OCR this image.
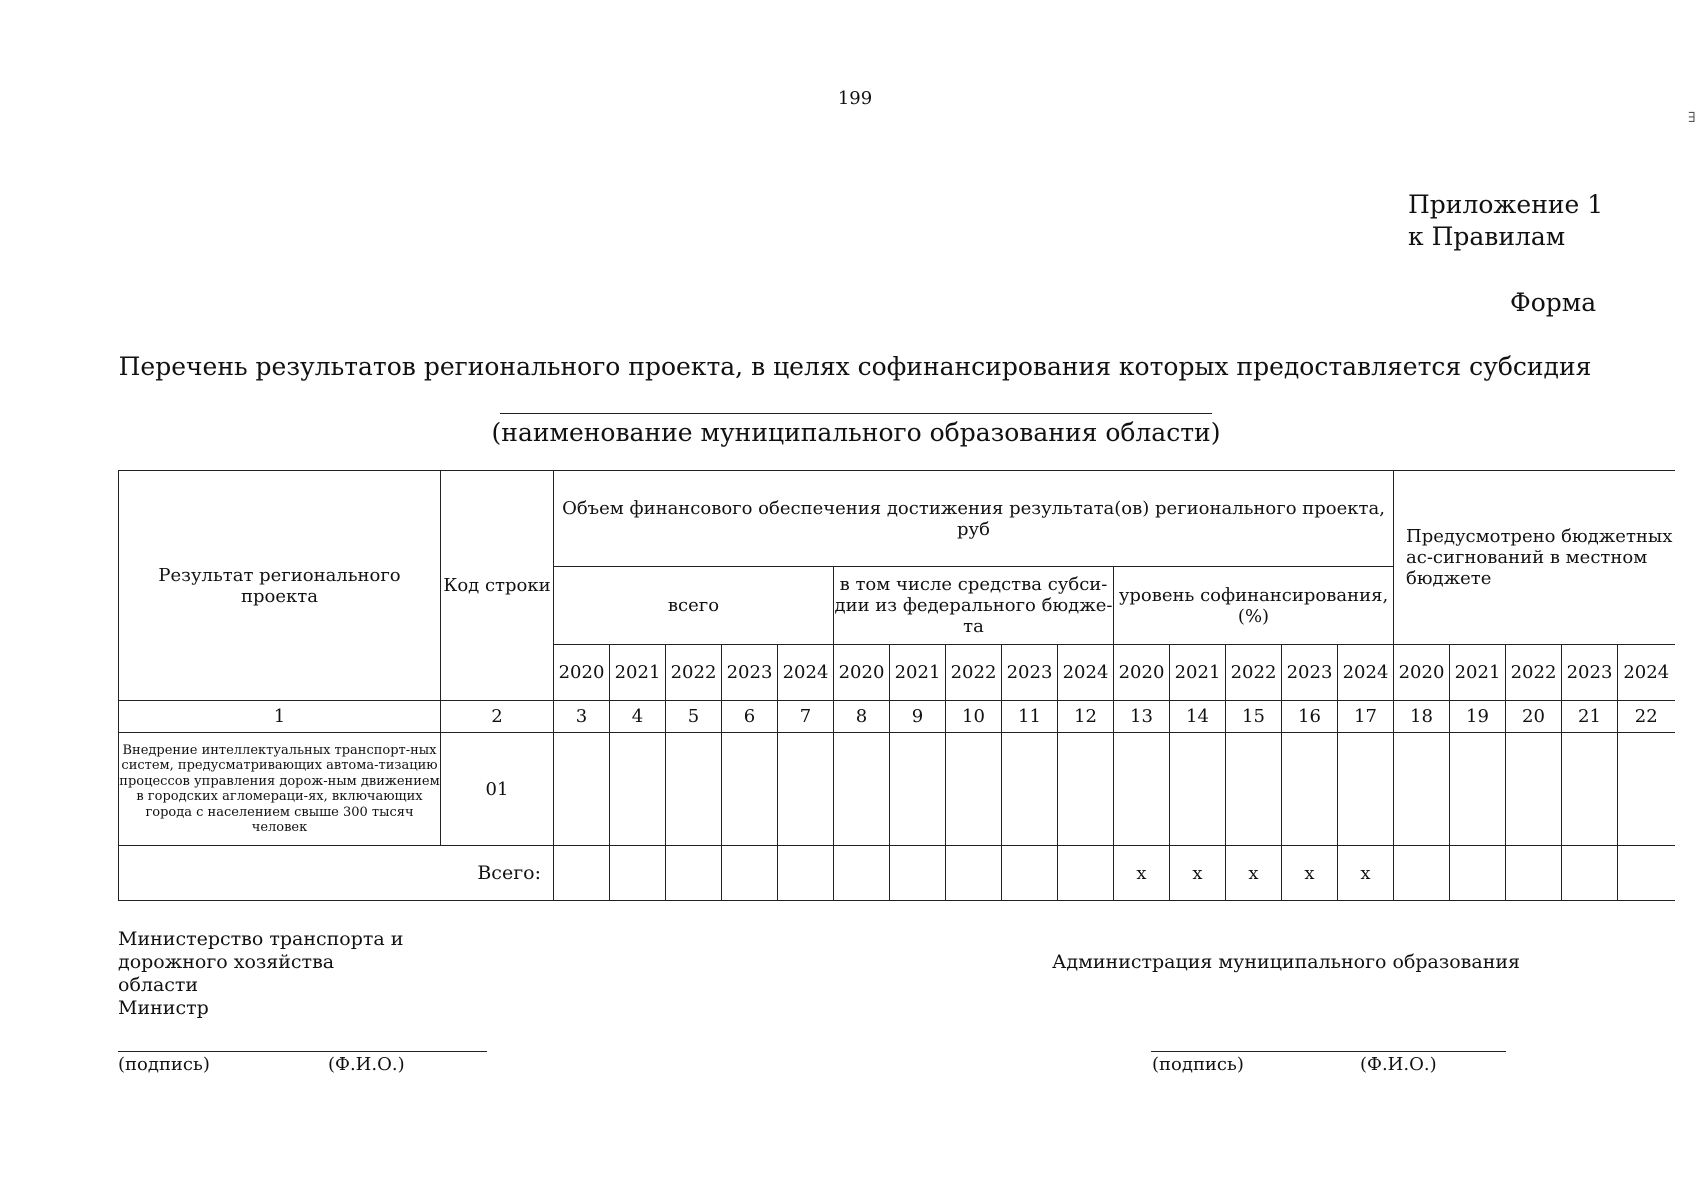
199
∃
Приложение 1
к Правилам
Форма
Перечень результатов регионального проекта, в целях софинансирования которых предоставляется субсидия
(наименование муниципального образования области)
Результат регионального проекта	Код строки	Объем финансового обеспечения достижения результата(ов) регионального проекта, руб															Предусмотрено бюджетных ас-сигнований в местном бюджете				
		всего					в том числе средства субси-дии из федерального бюдже-та					уровень софинансирования, (%)									
		2020	2021	2022	2023	2024	2020	2021	2022	2023	2024	2020	2021	2022	2023	2024	2020	2021	2022	2023	2024
1	2	3	4	5	6	7	8	9	10	11	12	13	14	15	16	17	18	19	20	21	22
Внедрение интеллектуальных транспорт-ных систем, предусматривающих автома-тизацию процессов управления дорож-ным движением в городских агломераци-ях, включающих города с населением свыше 300 тысяч человек	01																				
Всего:												x	x	x	x	x					
Министерство транспорта и
дорожного хозяйства
области
Министр
Администрация муниципального образования
(подпись)	(Ф.И.О.)	(подпись)	(Ф.И.О.)
